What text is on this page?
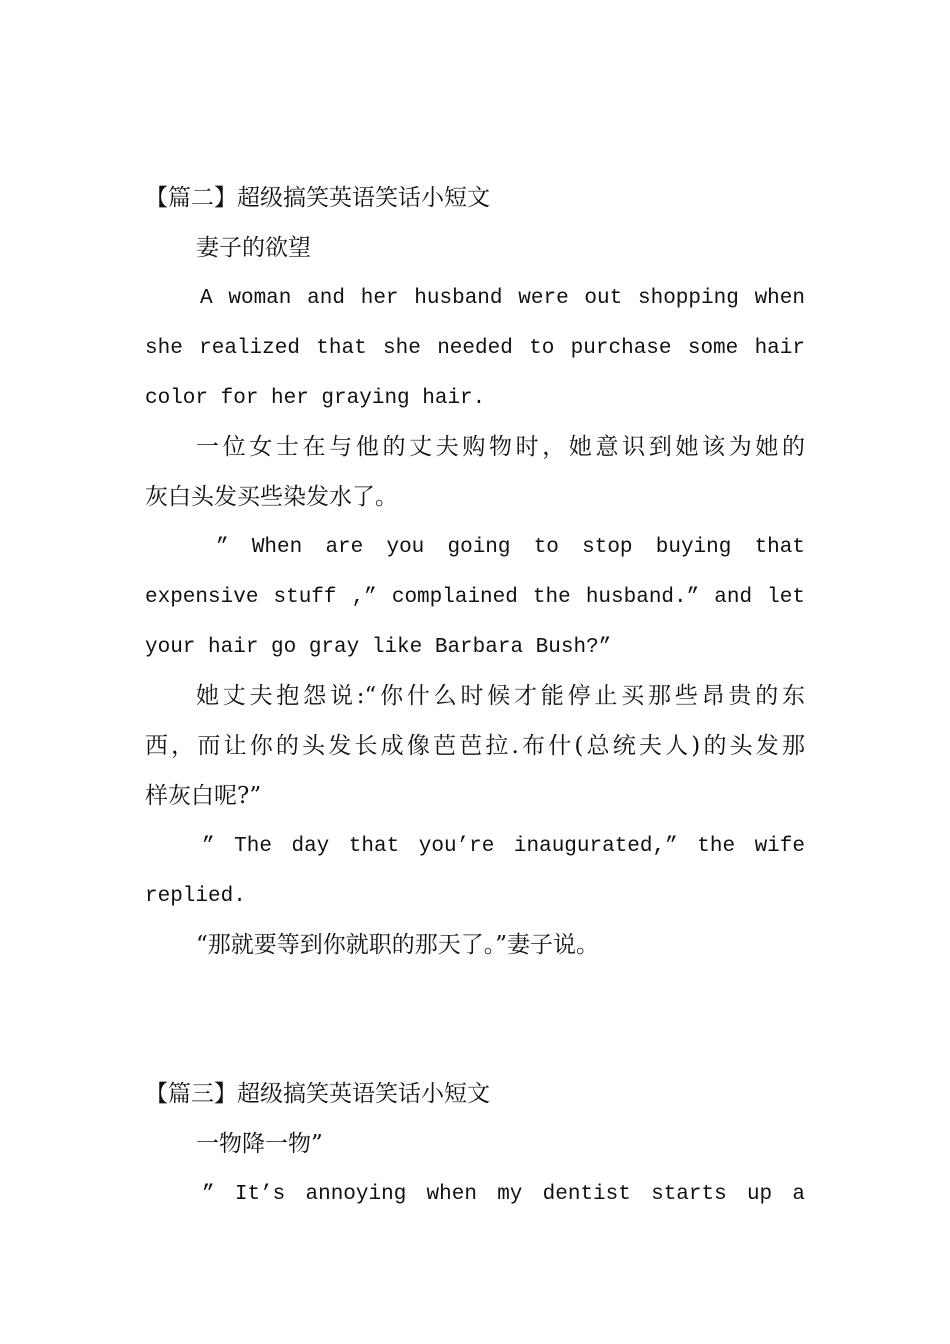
【篇二】超级搞笑英语笑话小短文
妻子的欲望
A woman and her husband were out shopping when
she realized that she needed to purchase some hair
color for her graying hair.
一位女士在与他的丈夫购物时，她意识到她该为她的
灰白头发买些染发水了。
” When are you going to stop buying that
expensive stuff ,” complained the husband.” and let
your hair go gray like Barbara Bush?”
她丈夫抱怨说:“你什么时候才能停止买那些昂贵的东
西，而让你的头发长成像芭芭拉.布什(总统夫人)的头发那
样灰白呢?”
” The day that you’re inaugurated,” the wife
replied.
“那就要等到你就职的那天了。”妻子说。
【篇三】超级搞笑英语笑话小短文
一物降一物”
” It’s annoying when my dentist starts up a
